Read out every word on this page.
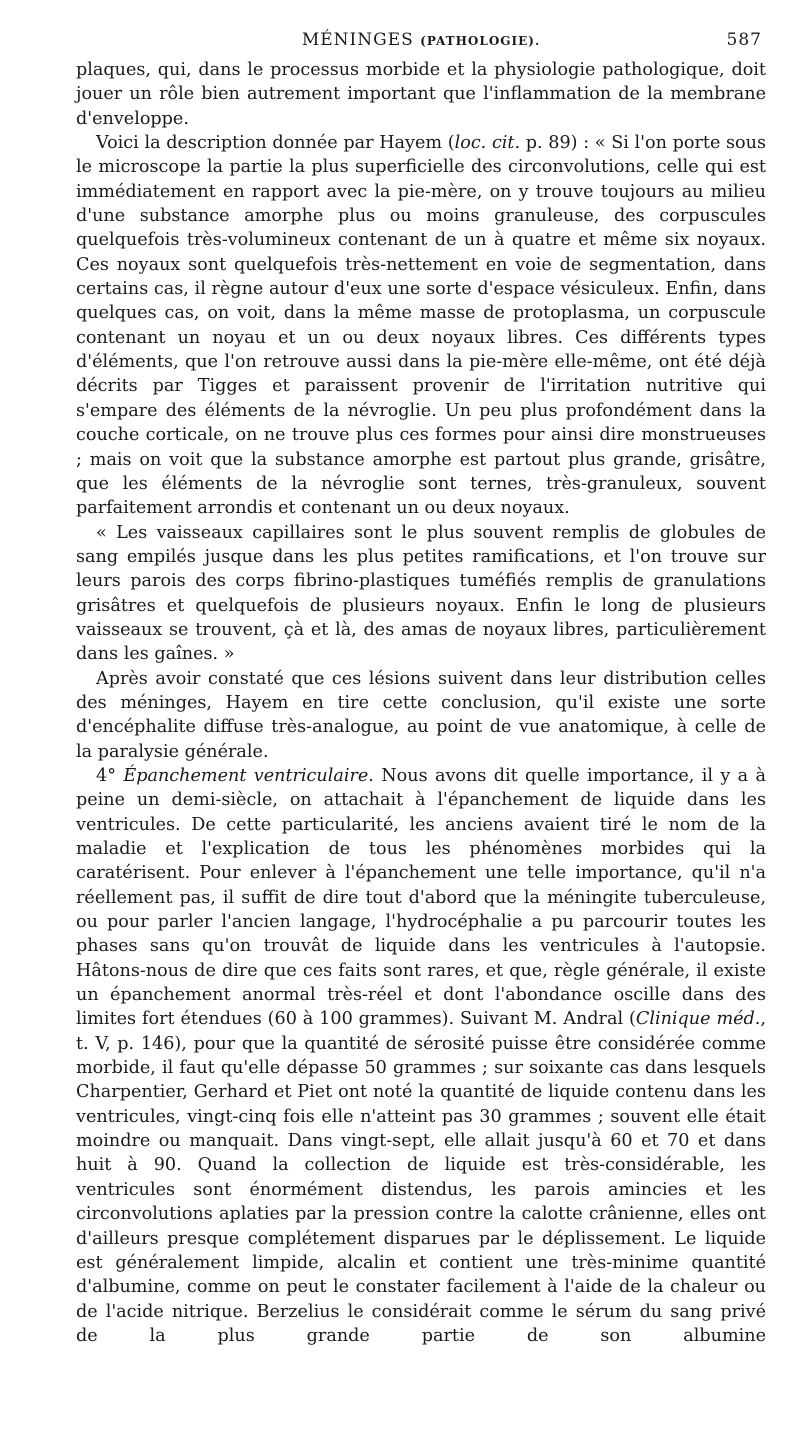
MÉNINGES (PATHOLOGIE).	587

plaques, qui, dans le processus morbide et la physiologie pathologique, doit jouer un rôle bien autrement important que l'inflammation de la membrane d'enveloppe.

Voici la description donnée par Hayem (loc. cit. p. 89) : « Si l'on porte sous le microscope la partie la plus superficielle des circonvolutions, celle qui est immédiatement en rapport avec la pie-mère, on y trouve toujours au milieu d'une substance amorphe plus ou moins granuleuse, des corpuscules quelquefois très-volumineux contenant de un à quatre et même six noyaux. Ces noyaux sont quelquefois très-nettement en voie de segmentation, dans certains cas, il règne autour d'eux une sorte d'espace vésiculeux. Enfin, dans quelques cas, on voit, dans la même masse de protoplasma, un corpuscule contenant un noyau et un ou deux noyaux libres. Ces différents types d'éléments, que l'on retrouve aussi dans la pie-mère elle-même, ont été déjà décrits par Tigges et paraissent provenir de l'irritation nutritive qui s'empare des éléments de la névroglie. Un peu plus profondément dans la couche corticale, on ne trouve plus ces formes pour ainsi dire monstrueuses ; mais on voit que la substance amorphe est partout plus grande, grisâtre, que les éléments de la névroglie sont ternes, très-granuleux, souvent parfaitement arrondis et contenant un ou deux noyaux.

« Les vaisseaux capillaires sont le plus souvent remplis de globules de sang empilés jusque dans les plus petites ramifications, et l'on trouve sur leurs parois des corps fibrino-plastiques tuméfiés remplis de granulations grisâtres et quelquefois de plusieurs noyaux. Enfin le long de plusieurs vaisseaux se trouvent, çà et là, des amas de noyaux libres, particulièrement dans les gaînes. »

Après avoir constaté que ces lésions suivent dans leur distribution celles des méninges, Hayem en tire cette conclusion, qu'il existe une sorte d'encéphalite diffuse très-analogue, au point de vue anatomique, à celle de la paralysie générale.

4° Épanchement ventriculaire. Nous avons dit quelle importance, il y a à peine un demi-siècle, on attachait à l'épanchement de liquide dans les ventricules. De cette particularité, les anciens avaient tiré le nom de la maladie et l'explication de tous les phénomènes morbides qui la caratérisent. Pour enlever à l'épanchement une telle importance, qu'il n'a réellement pas, il suffit de dire tout d'abord que la méningite tuberculeuse, ou pour parler l'ancien langage, l'hydrocéphalie a pu parcourir toutes les phases sans qu'on trouvât de liquide dans les ventricules à l'autopsie. Hâtons-nous de dire que ces faits sont rares, et que, règle générale, il existe un épanchement anormal très-réel et dont l'abondance oscille dans des limites fort étendues (60 à 100 grammes). Suivant M. Andral (Clinique méd., t. V, p. 146), pour que la quantité de sérosité puisse être considérée comme morbide, il faut qu'elle dépasse 50 grammes ; sur soixante cas dans lesquels Charpentier, Gerhard et Piet ont noté la quantité de liquide contenu dans les ventricules, vingt-cinq fois elle n'atteint pas 30 grammes ; souvent elle était moindre ou manquait. Dans vingt-sept, elle allait jusqu'à 60 et 70 et dans huit à 90. Quand la collection de liquide est très-considérable, les ventricules sont énormément distendus, les parois amincies et les circonvolutions aplaties par la pression contre la calotte crânienne, elles ont d'ailleurs presque complétement disparues par le déplissement. Le liquide est généralement limpide, alcalin et contient une très-minime quantité d'albumine, comme on peut le constater facilement à l'aide de la chaleur ou de l'acide nitrique. Berzelius le considérait comme le sérum du sang privé de la plus grande partie de son albumine
